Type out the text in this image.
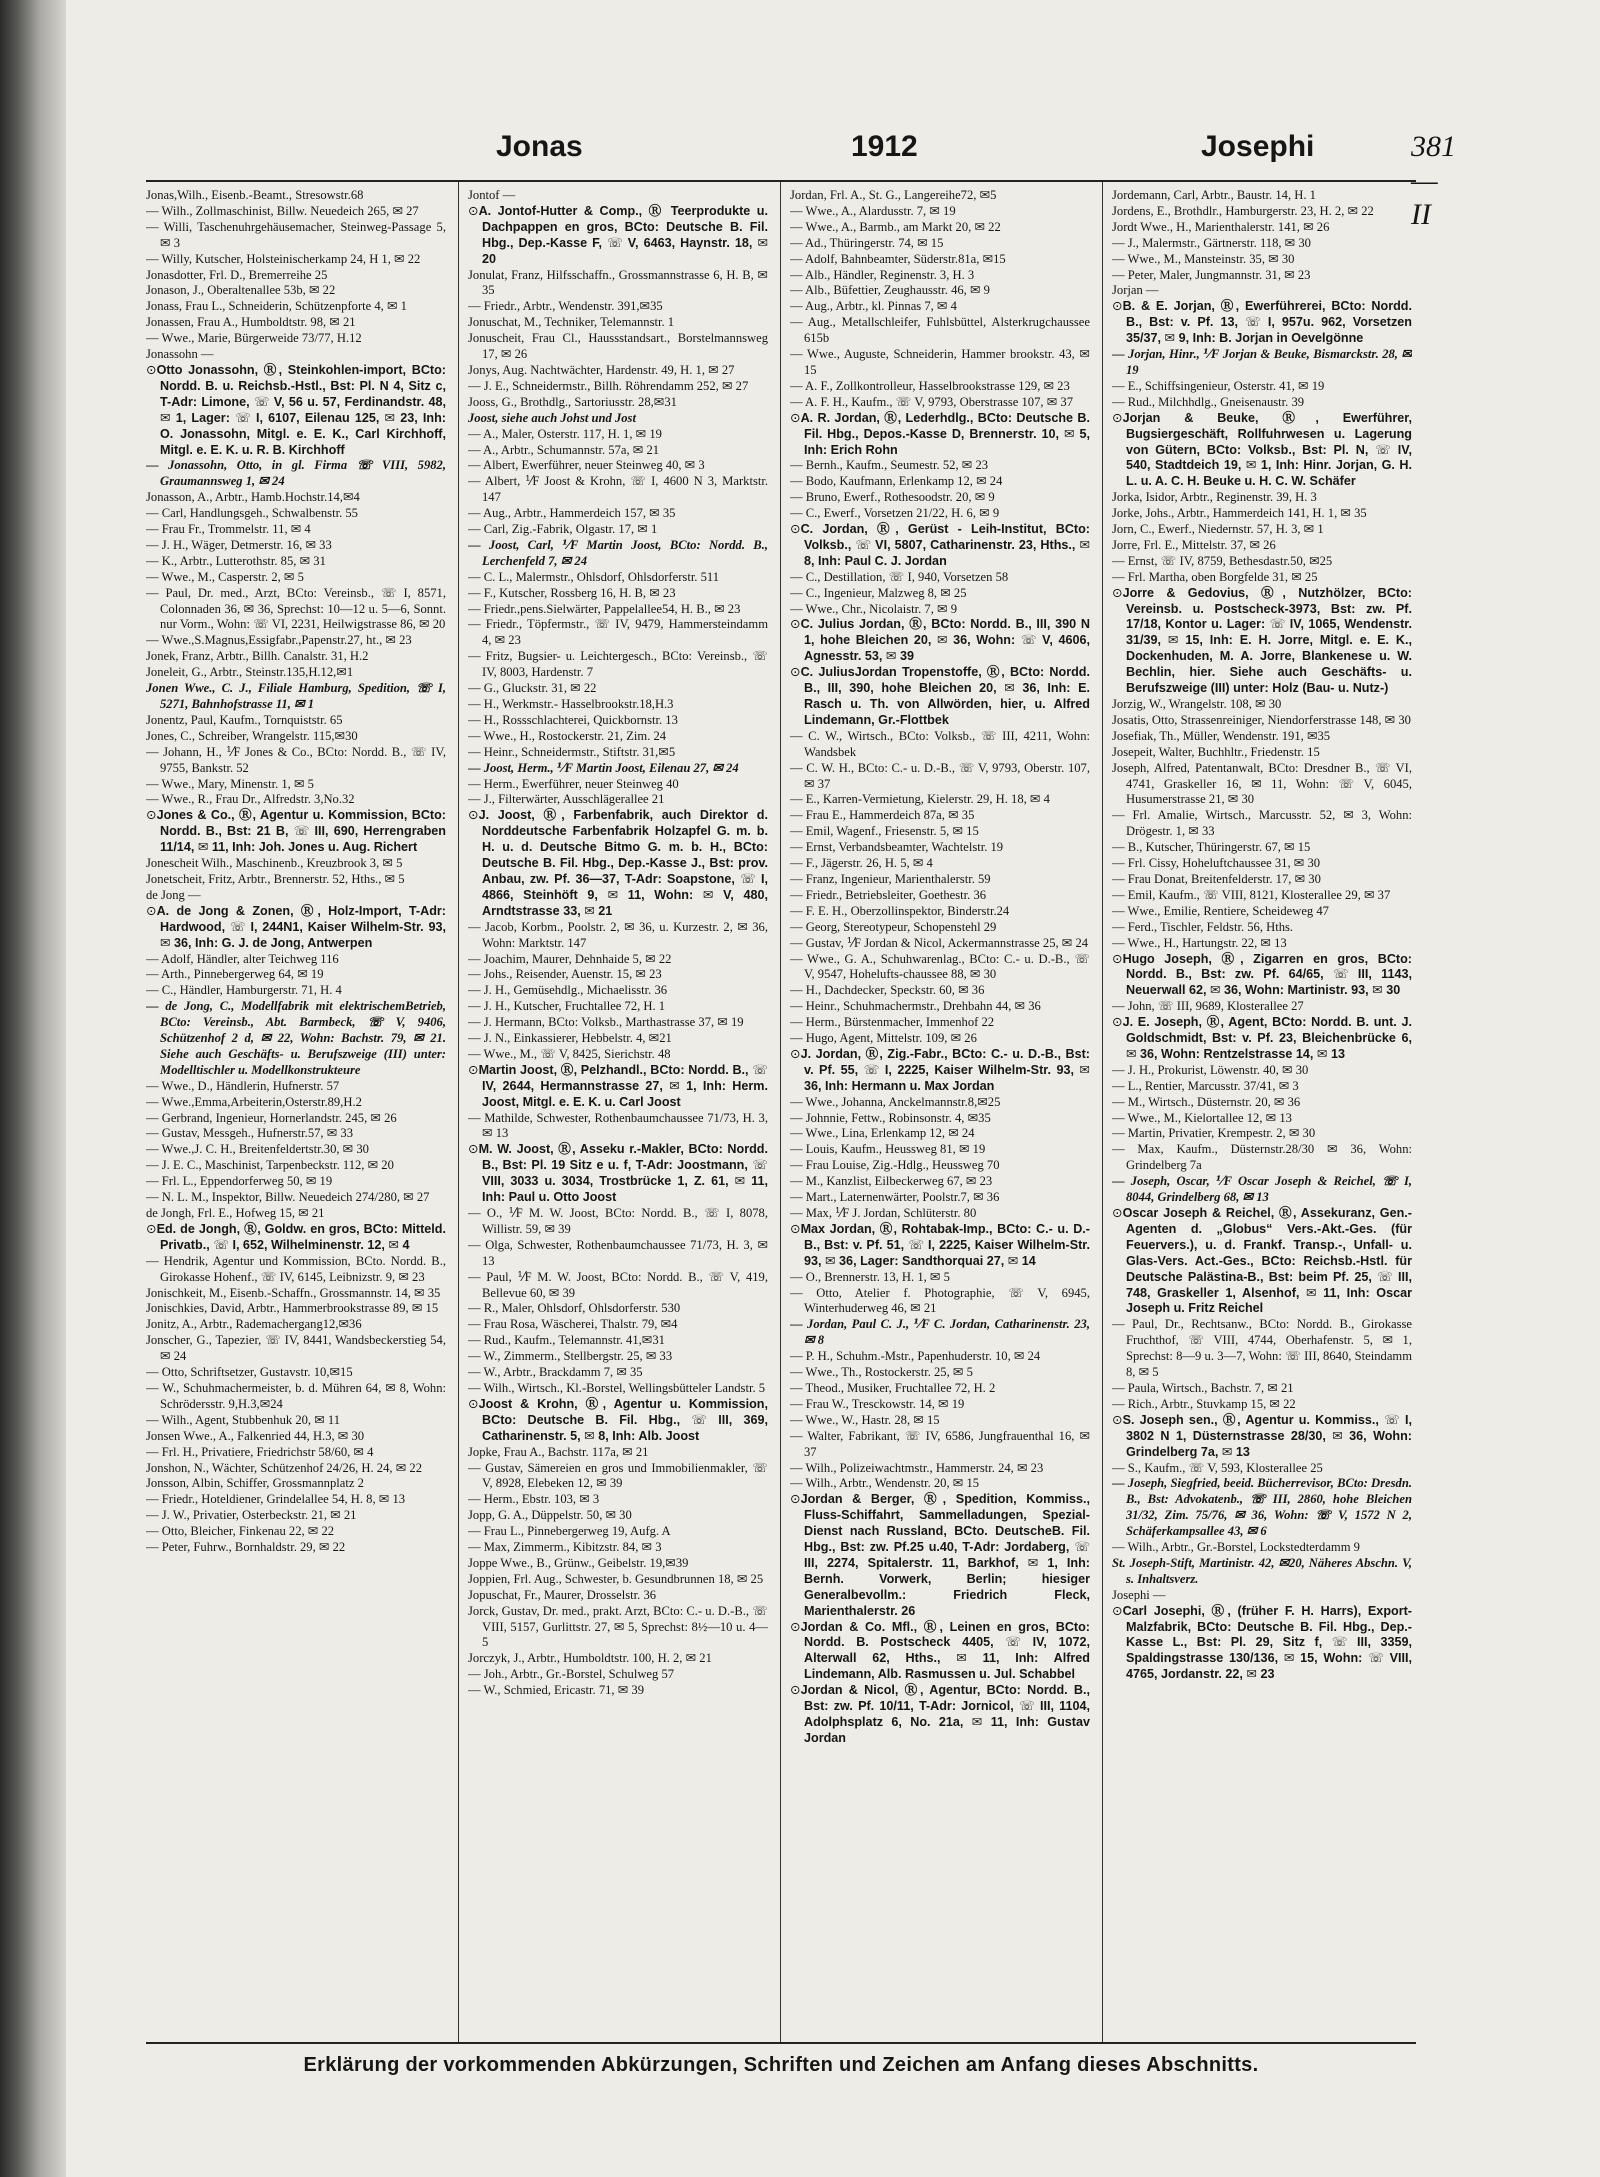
Jonas	1912	Josephi	381—II

Jonas,Wilh., Eisenb.-Beamt., Stresowstr.68

— Wilh., Zollmaschinist, Billw. Neuedeich 265, ✉ 27

— Willi, Taschenuhrgehäusemacher, Steinweg-Passage 5, ✉ 3

— Willy, Kutscher, Holsteinischerkamp 24, H 1, ✉ 22

Jonasdotter, Frl. D., Bremerreihe 25

Jonason, J., Oberaltenallee 53b, ✉ 22

Jonass, Frau L., Schneiderin, Schützenpforte 4, ✉ 1

Jonassen, Frau A., Humboldtstr. 98, ✉ 21

— Wwe., Marie, Bürgerweide 73/77, H.12

Jonassohn —

⊙ Otto Jonassohn, Ⓡ, Steinkohlen-import, BCto: Nordd. B. u. Reichsb.-Hstl., Bst: Pl. N 4, Sitz c, T-Adr: Limone, ☏ V, 56 u. 57, Ferdinandstr. 48, ✉ 1, Lager: ☏ I, 6107, Eilenau 125, ✉ 23, Inh: O. Jonassohn, Mitgl. e. E. K., Carl Kirchhoff, Mitgl. e. E. K. u. R. B. Kirchhoff

— Jonassohn, Otto, in gl. Firma ☏ VIII, 5982, Graumannsweg 1, ✉ 24

Jonasson, A., Arbtr., Hamb.Hochstr.14,✉4

— Carl, Handlungsgeh., Schwalbenstr. 55

— Frau Fr., Trommelstr. 11, ✉ 4

— J. H., Wäger, Detmerstr. 16, ✉ 33

— K., Arbtr., Lutterothstr. 85, ✉ 31

— Wwe., M., Casperstr. 2, ✉ 5

— Paul, Dr. med., Arzt, BCto: Vereinsb., ☏ I, 8571, Colonnaden 36, ✉ 36, Sprechst: 10—12 u. 5—6, Sonnt. nur Vorm., Wohn: ☏ VI, 2231, Heilwigstrasse 86, ✉ 20

— Wwe.,S.Magnus,Essigfabr.,Papenstr.27, ht., ✉ 23

Jonek, Franz, Arbtr., Billh. Canalstr. 31, H.2

Joneleit, G., Arbtr., Steinstr.135,H.12,✉1

Jonen Wwe., C. J., Filiale Hamburg, Spedition, ☏ I, 5271, Bahnhofstrasse 11, ✉ 1

Jonentz, Paul, Kaufm., Tornquiststr. 65

Jones, C., Schreiber, Wrangelstr. 115,✉30

— Johann, H., ⅟F Jones & Co., BCto: Nordd. B., ☏ IV, 9755, Bankstr. 52

— Wwe., Mary, Minenstr. 1, ✉ 5

— Wwe., R., Frau Dr., Alfredstr. 3,No.32

⊙ Jones & Co., Ⓡ, Agentur u. Kommission, BCto: Nordd. B., Bst: 21 B, ☏ III, 690, Herrengraben 11/14, ✉ 11, Inh: Joh. Jones u. Aug. Richert

Jonescheit Wilh., Maschinenb., Kreuzbrook 3, ✉ 5

Jonetscheit, Fritz, Arbtr., Brennerstr. 52, Hths., ✉ 5

de Jong —

⊙ A. de Jong & Zonen, Ⓡ, Holz-Import, T-Adr: Hardwood, ☏ I, 244N1, Kaiser Wilhelm-Str. 93, ✉ 36, Inh: G. J. de Jong, Antwerpen

— Adolf, Händler, alter Teichweg 116

— Arth., Pinnebergerweg 64, ✉ 19

— C., Händler, Hamburgerstr. 71, H. 4

— de Jong, C., Modellfabrik mit elektrischemBetrieb, BCto: Vereinsb., Abt. Barmbeck, ☏ V, 9406, Schützenhof 2 d, ✉ 22, Wohn: Bachstr. 79, ✉ 21. Siehe auch Geschäfts- u. Berufszweige (III) unter: Modelltischler u. Modellkonstrukteure

— Wwe., D., Händlerin, Hufnerstr. 57

— Wwe.,Emma,Arbeiterin,Osterstr.89,H.2

— Gerbrand, Ingenieur, Hornerlandstr. 245, ✉ 26

— Gustav, Messgeh., Hufnerstr.57, ✉ 33

— Wwe.,J. C. H., Breitenfeldertstr.30, ✉ 30

— J. E. C., Maschinist, Tarpenbeckstr. 112, ✉ 20

— Frl. L., Eppendorferweg 50, ✉ 19

— N. L. M., Inspektor, Billw. Neuedeich 274/280, ✉ 27

de Jongh, Frl. E., Hofweg 15, ✉ 21

⊙ Ed. de Jongh, Ⓡ, Goldw. en gros, BCto: Mitteld. Privatb., ☏ I, 652, Wilhelminenstr. 12, ✉ 4

— Hendrik, Agentur und Kommission, BCto. Nordd. B., Girokasse Hohenf., ☏ IV, 6145, Leibnizstr. 9, ✉ 23

Jonischkeit, M., Eisenb.-Schaffn., Grossmannstr. 14, ✉ 35

Jonischkies, David, Arbtr., Hammerbrookstrasse 89, ✉ 15

Jonitz, A., Arbtr., Rademachergang12,✉36

Jonscher, G., Tapezier, ☏ IV, 8441, Wandsbeckerstieg 54, ✉ 24

— Otto, Schriftsetzer, Gustavstr. 10,✉15

— W., Schuhmachermeister, b. d. Mühren 64, ✉ 8, Wohn: Schrödersstr. 9,H.3,✉24

— Wilh., Agent, Stubbenhuk 20, ✉ 11

Jonsen Wwe., A., Falkenried 44, H.3, ✉ 30

— Frl. H., Privatiere, Friedrichstr 58/60, ✉ 4

Jonshon, N., Wächter, Schützenhof 24/26, H. 24, ✉ 22

Jonsson, Albin, Schiffer, Grossmannplatz 2

— Friedr., Hoteldiener, Grindelallee 54, H. 8, ✉ 13

— J. W., Privatier, Osterbeckstr. 21, ✉ 21

— Otto, Bleicher, Finkenau 22, ✉ 22

— Peter, Fuhrw., Bornhaldstr. 29, ✉ 22

Jontof —

⊙ A. Jontof-Hutter & Comp., Ⓡ Teerprodukte u. Dachpappen en gros, BCto: Deutsche B. Fil. Hbg., Dep.-Kasse F, ☏ V, 6463, Haynstr. 18, ✉ 20

Jonulat, Franz, Hilfsschaffn., Grossmannstrasse 6, H. B, ✉ 35

— Friedr., Arbtr., Wendenstr. 391,✉35

Jonuschat, M., Techniker, Telemannstr. 1

Jonuscheit, Frau Cl., Haussstandsart., Borstelmannsweg 17, ✉ 26

Jonys, Aug. Nachtwächter, Hardenstr. 49, H. 1, ✉ 27

— J. E., Schneidermstr., Billh. Röhrendamm 252, ✉ 27

Jooss, G., Brothdlg., Sartoriusstr. 28,✉31

Joost, siehe auch Johst und Jost

— A., Maler, Osterstr. 117, H. 1, ✉ 19

— A., Arbtr., Schumannstr. 57a, ✉ 21

— Albert, Ewerführer, neuer Steinweg 40, ✉ 3

— Albert, ⅟F Joost & Krohn, ☏ I, 4600 N 3, Marktstr. 147

— Aug., Arbtr., Hammerdeich 157, ✉ 35

— Carl, Zig.-Fabrik, Olgastr. 17, ✉ 1

— Joost, Carl, ⅟F Martin Joost, BCto: Nordd. B., Lerchenfeld 7, ✉ 24

— C. L., Malermstr., Ohlsdorf, Ohlsdorferstr. 511

— F., Kutscher, Rossberg 16, H. B, ✉ 23

— Friedr.,pens.Sielwärter, Pappelallee54, H. B., ✉ 23

— Friedr., Töpfermstr., ☏ IV, 9479, Hammersteindamm 4, ✉ 23

— Fritz, Bugsier- u. Leichtergesch., BCto: Vereinsb., ☏ IV, 8003, Hardenstr. 7

— G., Gluckstr. 31, ✉ 22

— H., Werkmstr.- Hasselbrookstr.18,H.3

— H., Rossschlachterei, Quickbornstr. 13

— Wwe., H., Rostockerstr. 21, Zim. 24

— Heinr., Schneidermstr., Stiftstr. 31,✉5

— Joost, Herm., ⅟F Martin Joost, Eilenau 27, ✉ 24

— Herm., Ewerführer, neuer Steinweg 40

— J., Filterwärter, Ausschlägerallee 21

⊙ J. Joost, Ⓡ, Farbenfabrik, auch Direktor d. Norddeutsche Farbenfabrik Holzapfel G. m. b. H. u. d. Deutsche Bitmo G. m. b. H., BCto: Deutsche B. Fil. Hbg., Dep.-Kasse J., Bst: prov. Anbau, zw. Pf. 36—37, T-Adr: Soapstone, ☏ I, 4866, Steinhöft 9, ✉ 11, Wohn: ✉ V, 480, Arndtstrasse 33, ✉ 21

— Jacob, Korbm., Poolstr. 2, ✉ 36, u. Kurzestr. 2, ✉ 36, Wohn: Marktstr. 147

— Joachim, Maurer, Dehnhaide 5, ✉ 22

— Johs., Reisender, Auenstr. 15, ✉ 23

— J. H., Gemüsehdlg., Michaelisstr. 36

— J. H., Kutscher, Fruchtallee 72, H. 1

— J. Hermann, BCto: Volksb., Marthastrasse 37, ✉ 19

— J. N., Einkassierer, Hebbelstr. 4, ✉21

— Wwe., M., ☏ V, 8425, Sierichstr. 48

⊙ Martin Joost, Ⓡ, Pelzhandl., BCto: Nordd. B., ☏ IV, 2644, Hermannstrasse 27, ✉ 1, Inh: Herm. Joost, Mitgl. e. E. K. u. Carl Joost

— Mathilde, Schwester, Rothenbaumchaussee 71/73, H. 3, ✉ 13

⊙ M. W. Joost, Ⓡ, Asseku r.-Makler, BCto: Nordd. B., Bst: Pl. 19 Sitz e u. f, T-Adr: Joostmann, ☏ VIII, 3033 u. 3034, Trostbrücke 1, Z. 61, ✉ 11, Inh: Paul u. Otto Joost

— O., ⅟F M. W. Joost, BCto: Nordd. B., ☏ I, 8078, Willistr. 59, ✉ 39

— Olga, Schwester, Rothenbaumchaussee 71/73, H. 3, ✉ 13

— Paul, ⅟F M. W. Joost, BCto: Nordd. B., ☏ V, 419, Bellevue 60, ✉ 39

— R., Maler, Ohlsdorf, Ohlsdorferstr. 530

— Frau Rosa, Wäscherei, Thalstr. 79, ✉4

— Rud., Kaufm., Telemannstr. 41,✉31

— W., Zimmerm., Stellbergstr. 25, ✉ 33

— W., Arbtr., Brackdamm 7, ✉ 35

— Wilh., Wirtsch., Kl.-Borstel, Wellingsbütteler Landstr. 5

⊙ Joost & Krohn, Ⓡ, Agentur u. Kommission, BCto: Deutsche B. Fil. Hbg., ☏ III, 369, Catharinenstr. 5, ✉ 8, Inh: Alb. Joost

Jopke, Frau A., Bachstr. 117a, ✉ 21

— Gustav, Sämereien en gros und Immobilienmakler, ☏ V, 8928, Elebeken 12, ✉ 39

— Herm., Ebstr. 103, ✉ 3

Jopp, G. A., Düppelstr. 50, ✉ 30

— Frau L., Pinnebergerweg 19, Aufg. A

— Max, Zimmerm., Kibitzstr. 84, ✉ 3

Joppe Wwe., B., Grünw., Geibelstr. 19,✉39

Joppien, Frl. Aug., Schwester, b. Gesundbrunnen 18, ✉ 25

Jopuschat, Fr., Maurer, Drosselstr. 36

Jorck, Gustav, Dr. med., prakt. Arzt, BCto: C.- u. D.-B., ☏ VIII, 5157, Gurlittstr. 27, ✉ 5, Sprechst: 8½—10 u. 4—5

Jorczyk, J., Arbtr., Humboldtstr. 100, H. 2, ✉ 21

— Joh., Arbtr., Gr.-Borstel, Schulweg 57

— W., Schmied, Ericastr. 71, ✉ 39

Jordan, Frl. A., St. G., Langereihe72, ✉5

— Wwe., A., Alardusstr. 7, ✉ 19

— Wwe., A., Barmb., am Markt 20, ✉ 22

— Ad., Thüringerstr. 74, ✉ 15

— Adolf, Bahnbeamter, Süderstr.81a, ✉15

— Alb., Händler, Reginenstr. 3, H. 3

— Alb., Büfettier, Zeughausstr. 46, ✉ 9

— Aug., Arbtr., kl. Pinnas 7, ✉ 4

— Aug., Metallschleifer, Fuhlsbüttel, Alsterkrugchaussee 615b

— Wwe., Auguste, Schneiderin, Hammer brookstr. 43, ✉ 15

— A. F., Zollkontrolleur, Hasselbrookstrasse 129, ✉ 23

— A. F. H., Kaufm., ☏ V, 9793, Oberstrasse 107, ✉ 37

⊙ A. R. Jordan, Ⓡ, Lederhdlg., BCto: Deutsche B. Fil. Hbg., Depos.-Kasse D, Brennerstr. 10, ✉ 5, Inh: Erich Rohn

— Bernh., Kaufm., Seumestr. 52, ✉ 23

— Bodo, Kaufmann, Erlenkamp 12, ✉ 24

— Bruno, Ewerf., Rothesoodstr. 20, ✉ 9

— C., Ewerf., Vorsetzen 21/22, H. 6, ✉ 9

⊙ C. Jordan, Ⓡ, Gerüst - Leih-Institut, BCto: Volksb., ☏ VI, 5807, Catharinenstr. 23, Hths., ✉ 8, Inh: Paul C. J. Jordan

— C., Destillation, ☏ I, 940, Vorsetzen 58

— C., Ingenieur, Malzweg 8, ✉ 25

— Wwe., Chr., Nicolaistr. 7, ✉ 9

⊙ C. Julius Jordan, Ⓡ, BCto: Nordd. B., III, 390 N 1, hohe Bleichen 20, ✉ 36, Wohn: ☏ V, 4606, Agnesstr. 53, ✉ 39

⊙ C. JuliusJordan Tropenstoffe, Ⓡ, BCto: Nordd. B., III, 390, hohe Bleichen 20, ✉ 36, Inh: E. Rasch u. Th. von Allwörden, hier, u. Alfred Lindemann, Gr.-Flottbek

— C. W., Wirtsch., BCto: Volksb., ☏ III, 4211, Wohn: Wandsbek

— C. W. H., BCto: C.- u. D.-B., ☏ V, 9793, Oberstr. 107, ✉ 37

— E., Karren-Vermietung, Kielerstr. 29, H. 18, ✉ 4

— Frau E., Hammerdeich 87a, ✉ 35

— Emil, Wagenf., Friesenstr. 5, ✉ 15

— Ernst, Verbandsbeamter, Wachtelstr. 19

— F., Jägerstr. 26, H. 5, ✉ 4

— Franz, Ingenieur, Marienthalerstr. 59

— Friedr., Betriebsleiter, Goethestr. 36

— F. E. H., Oberzollinspektor, Binderstr.24

— Georg, Stereotypeur, Schopenstehl 29

— Gustav, ⅟F Jordan & Nicol, Ackermannstrasse 25, ✉ 24

— Wwe., G. A., Schuhwarenlag., BCto: C.- u. D.-B., ☏ V, 9547, Hohelufts-chaussee 88, ✉ 30

— H., Dachdecker, Speckstr. 60, ✉ 36

— Heinr., Schuhmachermstr., Drehbahn 44, ✉ 36

— Herm., Bürstenmacher, Immenhof 22

— Hugo, Agent, Mittelstr. 109, ✉ 26

⊙ J. Jordan, Ⓡ, Zig.-Fabr., BCto: C.- u. D.-B., Bst: v. Pf. 55, ☏ I, 2225, Kaiser Wilhelm-Str. 93, ✉ 36, Inh: Hermann u. Max Jordan

— Wwe., Johanna, Anckelmannstr.8,✉25

— Johnnie, Fettw., Robinsonstr. 4, ✉35

— Wwe., Lina, Erlenkamp 12, ✉ 24

— Louis, Kaufm., Heussweg 81, ✉ 19

— Frau Louise, Zig.-Hdlg., Heussweg 70

— M., Kanzlist, Eilbeckerweg 67, ✉ 23

— Mart., Laternenwärter, Poolstr.7, ✉ 36

— Max, ⅟F J. Jordan, Schlüterstr. 80

⊙ Max Jordan, Ⓡ, Rohtabak-Imp., BCto: C.- u. D.-B., Bst: v. Pf. 51, ☏ I, 2225, Kaiser Wilhelm-Str. 93, ✉ 36, Lager: Sandthorquai 27, ✉ 14

— O., Brennerstr. 13, H. 1, ✉ 5

— Otto, Atelier f. Photographie, ☏ V, 6945, Winterhuderweg 46, ✉ 21

— Jordan, Paul C. J., ⅟F C. Jordan, Catharinenstr. 23, ✉ 8

— P. H., Schuhm.-Mstr., Papenhuderstr. 10, ✉ 24

— Wwe., Th., Rostockerstr. 25, ✉ 5

— Theod., Musiker, Fruchtallee 72, H. 2

— Frau W., Tresckowstr. 14, ✉ 19

— Wwe., W., Hastr. 28, ✉ 15

— Walter, Fabrikant, ☏ IV, 6586, Jungfrauenthal 16, ✉ 37

— Wilh., Polizeiwachtmstr., Hammerstr. 24, ✉ 23

— Wilh., Arbtr., Wendenstr. 20, ✉ 15

⊙ Jordan & Berger, Ⓡ, Spedition, Kommiss., Fluss-Schiffahrt, Sammelladungen, Spezial-Dienst nach Russland, BCto. DeutscheB. Fil. Hbg., Bst: zw. Pf.25 u.40, T-Adr: Jordaberg, ☏ III, 2274, Spitalerstr. 11, Barkhof, ✉ 1, Inh: Bernh. Vorwerk, Berlin; hiesiger Generalbevollm.: Friedrich Fleck, Marienthalerstr. 26

⊙ Jordan & Co. Mfl., Ⓡ, Leinen en gros, BCto: Nordd. B. Postscheck 4405, ☏ IV, 1072, Alterwall 62, Hths., ✉ 11, Inh: Alfred Lindemann, Alb. Rasmussen u. Jul. Schabbel

⊙ Jordan & Nicol, Ⓡ, Agentur, BCto: Nordd. B., Bst: zw. Pf. 10/11, T-Adr: Jornicol, ☏ III, 1104, Adolphsplatz 6, No. 21a, ✉ 11, Inh: Gustav Jordan

Jordemann, Carl, Arbtr., Baustr. 14, H. 1

Jordens, E., Brothdlr., Hamburgerstr. 23, H. 2, ✉ 22

Jordt Wwe., H., Marienthalerstr. 141, ✉ 26

— J., Malermstr., Gärtnerstr. 118, ✉ 30

— Wwe., M., Mansteinstr. 35, ✉ 30

— Peter, Maler, Jungmannstr. 31, ✉ 23

Jorjan —

⊙ B. & E. Jorjan, Ⓡ, Ewerführerei, BCto: Nordd. B., Bst: v. Pf. 13, ☏ I, 957u. 962, Vorsetzen 35/37, ✉ 9, Inh: B. Jorjan in Oevelgönne

— Jorjan, Hinr., ⅟F Jorjan & Beuke, Bismarckstr. 28, ✉ 19

— E., Schiffsingenieur, Osterstr. 41, ✉ 19

— Rud., Milchhdlg., Gneisenaustr. 39

⊙ Jorjan & Beuke, Ⓡ, Ewerführer, Bugsiergeschäft, Rollfuhrwesen u. Lagerung von Gütern, BCto: Volksb., Bst: Pl. N, ☏ IV, 540, Stadtdeich 19, ✉ 1, Inh: Hinr. Jorjan, G. H. L. u. A. C. H. Beuke u. H. C. W. Schäfer

Jorka, Isidor, Arbtr., Reginenstr. 39, H. 3

Jorke, Johs., Arbtr., Hammerdeich 141, H. 1, ✉ 35

Jorn, C., Ewerf., Niedernstr. 57, H. 3, ✉ 1

Jorre, Frl. E., Mittelstr. 37, ✉ 26

— Ernst, ☏ IV, 8759, Bethesdastr.50, ✉25

— Frl. Martha, oben Borgfelde 31, ✉ 25

⊙ Jorre & Gedovius, Ⓡ, Nutzhölzer, BCto: Vereinsb. u. Postscheck-3973, Bst: zw. Pf. 17/18, Kontor u. Lager: ☏ IV, 1065, Wendenstr. 31/39, ✉ 15, Inh: E. H. Jorre, Mitgl. e. E. K., Dockenhuden, M. A. Jorre, Blankenese u. W. Bechlin, hier. Siehe auch Geschäfts- u. Berufszweige (III) unter: Holz (Bau- u. Nutz-)

Jorzig, W., Wrangelstr. 108, ✉ 30

Josatis, Otto, Strassenreiniger, Niendorferstrasse 148, ✉ 30

Josefiak, Th., Müller, Wendenstr. 191, ✉35

Josepeit, Walter, Buchhltr., Friedenstr. 15

Joseph, Alfred, Patentanwalt, BCto: Dresdner B., ☏ VI, 4741, Graskeller 16, ✉ 11, Wohn: ☏ V, 6045, Husumerstrasse 21, ✉ 30

— Frl. Amalie, Wirtsch., Marcusstr. 52, ✉ 3, Wohn: Drögestr. 1, ✉ 33

— B., Kutscher, Thüringerstr. 67, ✉ 15

— Frl. Cissy, Hoheluftchaussee 31, ✉ 30

— Frau Donat, Breitenfelderstr. 17, ✉ 30

— Emil, Kaufm., ☏ VIII, 8121, Klosterallee 29, ✉ 37

— Wwe., Emilie, Rentiere, Scheideweg 47

— Ferd., Tischler, Feldstr. 56, Hths.

— Wwe., H., Hartungstr. 22, ✉ 13

⊙ Hugo Joseph, Ⓡ, Zigarren en gros, BCto: Nordd. B., Bst: zw. Pf. 64/65, ☏ III, 1143, Neuerwall 62, ✉ 36, Wohn: Martinistr. 93, ✉ 30

— John, ☏ III, 9689, Klosterallee 27

⊙ J. E. Joseph, Ⓡ, Agent, BCto: Nordd. B. unt. J. Goldschmidt, Bst: v. Pf. 23, Bleichenbrücke 6, ✉ 36, Wohn: Rentzelstrasse 14, ✉ 13

— J. H., Prokurist, Löwenstr. 40, ✉ 30

— L., Rentier, Marcusstr. 37/41, ✉ 3

— M., Wirtsch., Düsternstr. 20, ✉ 36

— Wwe., M., Kielortallee 12, ✉ 13

— Martin, Privatier, Krempestr. 2, ✉ 30

— Max, Kaufm., Düsternstr.28/30 ✉ 36, Wohn: Grindelberg 7a

— Joseph, Oscar, ⅟F Oscar Joseph & Reichel, ☏ I, 8044, Grindelberg 68, ✉ 13

⊙ Oscar Joseph & Reichel, Ⓡ, Assekuranz, Gen.-Agenten d. „Globus“ Vers.-Akt.-Ges. (für Feuervers.), u. d. Frankf. Transp.-, Unfall- u. Glas-Vers. Act.-Ges., BCto: Reichsb.-Hstl. für Deutsche Palästina-B., Bst: beim Pf. 25, ☏ III, 748, Graskeller 1, Alsenhof, ✉ 11, Inh: Oscar Joseph u. Fritz Reichel

— Paul, Dr., Rechtsanw., BCto: Nordd. B., Girokasse Fruchthof, ☏ VIII, 4744, Oberhafenstr. 5, ✉ 1, Sprechst: 8—9 u. 3—7, Wohn: ☏ III, 8640, Steindamm 8, ✉ 5

— Paula, Wirtsch., Bachstr. 7, ✉ 21

— Rich., Arbtr., Stuvkamp 15, ✉ 22

⊙ S. Joseph sen., Ⓡ, Agentur u. Kommiss., ☏ I, 3802 N 1, Düsternstrasse 28/30, ✉ 36, Wohn: Grindelberg 7a, ✉ 13

— S., Kaufm., ☏ V, 593, Klosterallee 25

— Joseph, Siegfried, beeid. Bücherrevisor, BCto: Dresdn. B., Bst: Advokatenb., ☏ III, 2860, hohe Bleichen 31/32, Zim. 75/76, ✉ 36, Wohn: ☏ V, 1572 N 2, Schäferkampsallee 43, ✉ 6

— Wilh., Arbtr., Gr.-Borstel, Lockstedterdamm 9

St. Joseph-Stift, Martinistr. 42, ✉20, Näheres Abschn. V, s. Inhaltsverz.

Josephi —

⊙ Carl Josephi, Ⓡ, (früher F. H. Harrs), Export-Malzfabrik, BCto: Deutsche B. Fil. Hbg., Dep.-Kasse L., Bst: Pl. 29, Sitz f, ☏ III, 3359, Spaldingstrasse 130/136, ✉ 15, Wohn: ☏ VIII, 4765, Jordanstr. 22, ✉ 23

Erklärung der vorkommenden Abkürzungen, Schriften und Zeichen am Anfang dieses Abschnitts.
